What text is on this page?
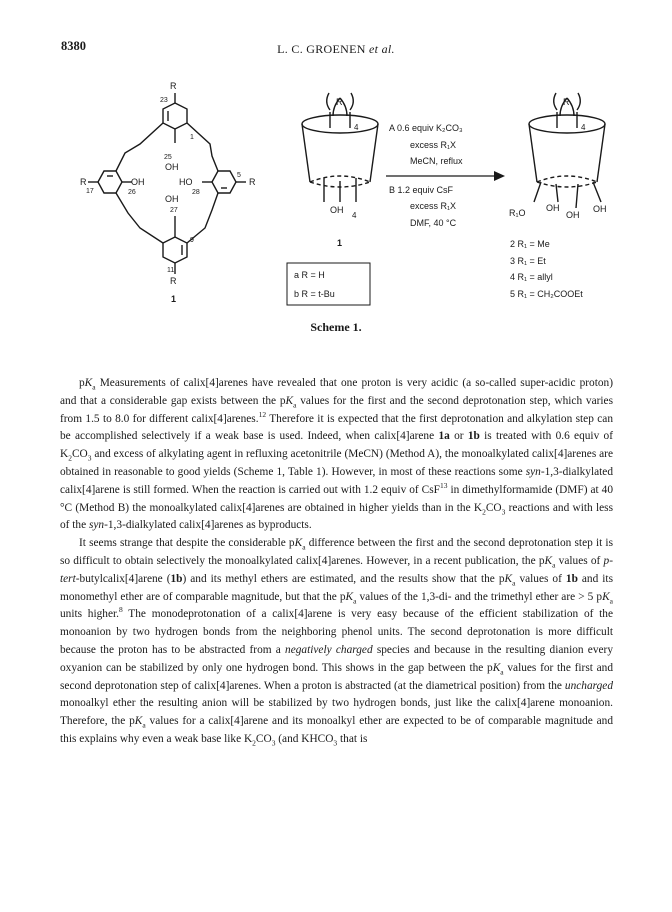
8380	L. C. GROENEN et al.
R
23
1
25
OH
R
17
OH
26
HO
28
5
R
OH
27
9
11
R
1
R
4
OH
4
1
a R = H
b R = t-Bu
A 0.6 equiv K₂CO₃
excess R₁X
MeCN, reflux
B 1.2 equiv CsF
excess R₁X
DMF, 40 °C
R
4
R₁O OH
OH
OH
2 R₁ = Me
3 R₁ = Et
4 R₁ = allyl
5 R₁ = CH₂COOEt
Scheme 1.

$pK_a$ Measurements of calix[4]arenes have revealed that one proton is very acidic (a so-called super-acidic proton) and that a considerable gap exists between the $pK_a$ values for the first and the second deprotonation step, which varies from 1.5 to 8.0 for different calix[4]arenes.$^{12}$ Therefore it is expected that the first deprotonation and alkylation step can be accomplished selectively if a weak base is used. Indeed, when calix[4]arene 1a or 1b is treated with 0.6 equiv of $K_2CO_3$ and excess of alkylating agent in refluxing acetonitrile (MeCN) (Method A), the monoalkylated calix[4]arenes are obtained in reasonable to good yields (Scheme 1, Table 1). However, in most of these reactions some syn-1,3-dialkylated calix[4]arene is still formed. When the reaction is carried out with 1.2 equiv of CsF$^{13}$ in dimethylformamide (DMF) at 40 °C (Method B) the monoalkylated calix[4]arenes are obtained in higher yields than in the $K_2CO_3$ reactions and with less of the syn-1,3-dialkylated calix[4]arenes as byproducts.

It seems strange that despite the considerable $pK_a$ difference between the first and the second deprotonation step it is so difficult to obtain selectively the monoalkylated calix[4]arenes. However, in a recent publication, the $pK_a$ values of p-tert-butylcalix[4]arene (1b) and its methyl ethers are estimated, and the results show that the $pK_a$ values of 1b and its monomethyl ether are of comparable magnitude, but that the $pK_a$ values of the 1,3-di- and the trimethyl ether are > 5 $pK_a$ units higher.$^8$ The monodeprotonation of a calix[4]arene is very easy because of the efficient stabilization of the monoanion by two hydrogen bonds from the neighboring phenol units. The second deprotonation is more difficult because the proton has to be abstracted from a negatively charged species and because in the resulting dianion every oxyanion can be stabilized by only one hydrogen bond. This shows in the gap between the $pK_a$ values for the first and second deprotonation step of calix[4]arenes. When a proton is abstracted (at the diametrical position) from the uncharged monoalkyl ether the resulting anion will be stabilized by two hydrogen bonds, just like the calix[4]arene monoanion. Therefore, the $pK_a$ values for a calix[4]arene and its monoalkyl ether are expected to be of comparable magnitude and this explains why even a weak base like $K_2CO_3$ (and $KHCO_3$ that is
